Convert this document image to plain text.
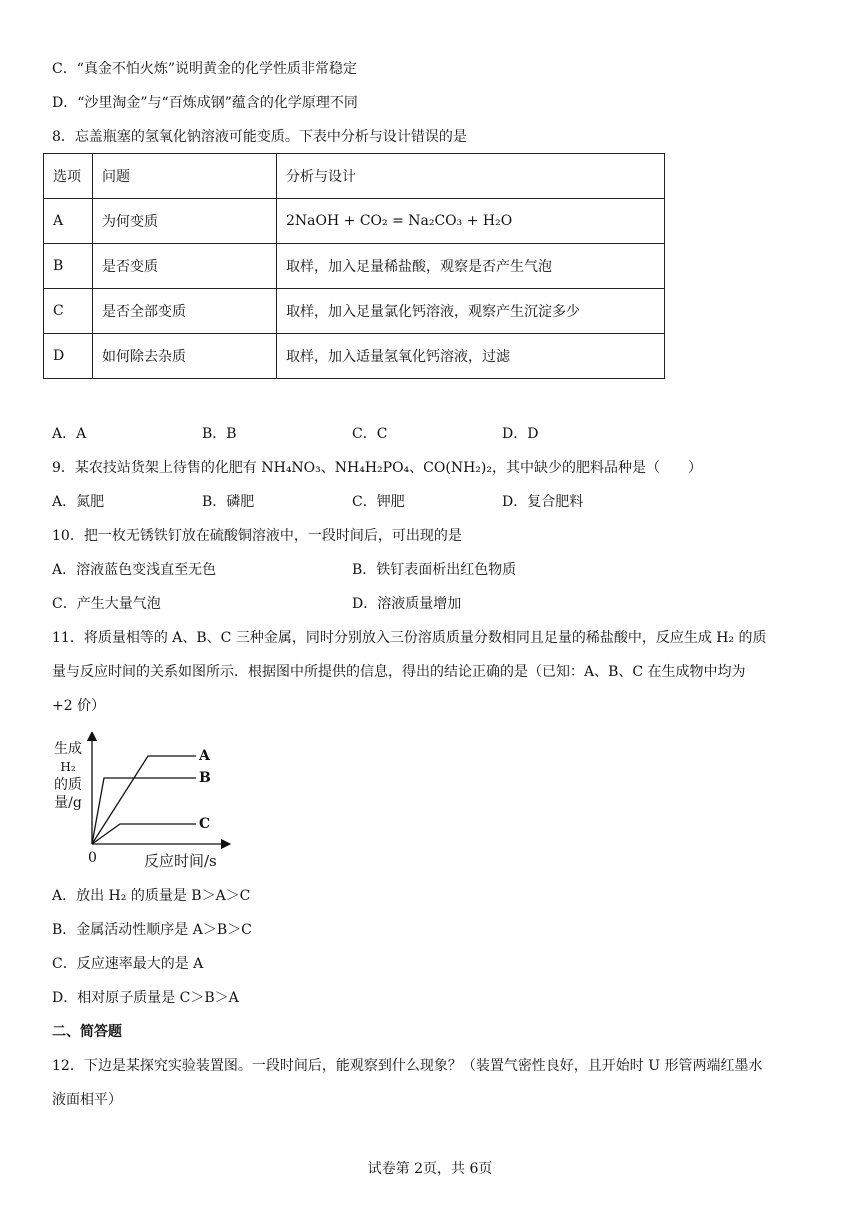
C．“真金不怕火炼”说明黄金的化学性质非常稳定
D．“沙里淘金”与“百炼成钢”蕴含的化学原理不同
8．忘盖瓶塞的氢氧化钠溶液可能变质。下表中分析与设计错误的是
选项	问题	分析与设计
A	为何变质	2NaOH + CO₂ = Na₂CO₃ + H₂O
B	是否变质	取样，加入足量稀盐酸，观察是否产生气泡
C	是否全部变质	取样，加入足量氯化钙溶液，观察产生沉淀多少
D	如何除去杂质	取样，加入适量氢氧化钙溶液，过滤
A．A	B．B	C．C	D．D
9．某农技站货架上待售的化肥有 NH₄NO₃、NH₄H₂PO₄、CO(NH₂)₂，其中缺少的肥料品种是（　　）
A．氮肥	B．磷肥	C．钾肥	D．复合肥料
10．把一枚无锈铁钉放在硫酸铜溶液中，一段时间后，可出现的是
A．溶液蓝色变浅直至无色	B．铁钉表面析出红色物质
C．产生大量气泡	D．溶液质量增加
11．将质量相等的 A、B、C 三种金属，同时分别放入三份溶质质量分数相同且足量的稀盐酸中，反应生成 H₂ 的质
量与反应时间的关系如图所示．根据图中所提供的信息，得出的结论正确的是（已知：A、B、C 在生成物中均为
+2 价）
生成
H₂
的质
量/g
A
B
C
0	反应时间/s
A．放出 H₂ 的质量是 B＞A＞C
B．金属活动性顺序是 A＞B＞C
C．反应速率最大的是 A
D．相对原子质量是 C＞B＞A
二、简答题
12．下边是某探究实验装置图。一段时间后，能观察到什么现象？（装置气密性良好，且开始时 U 形管两端红墨水
液面相平）
试卷第 2页，共 6页
